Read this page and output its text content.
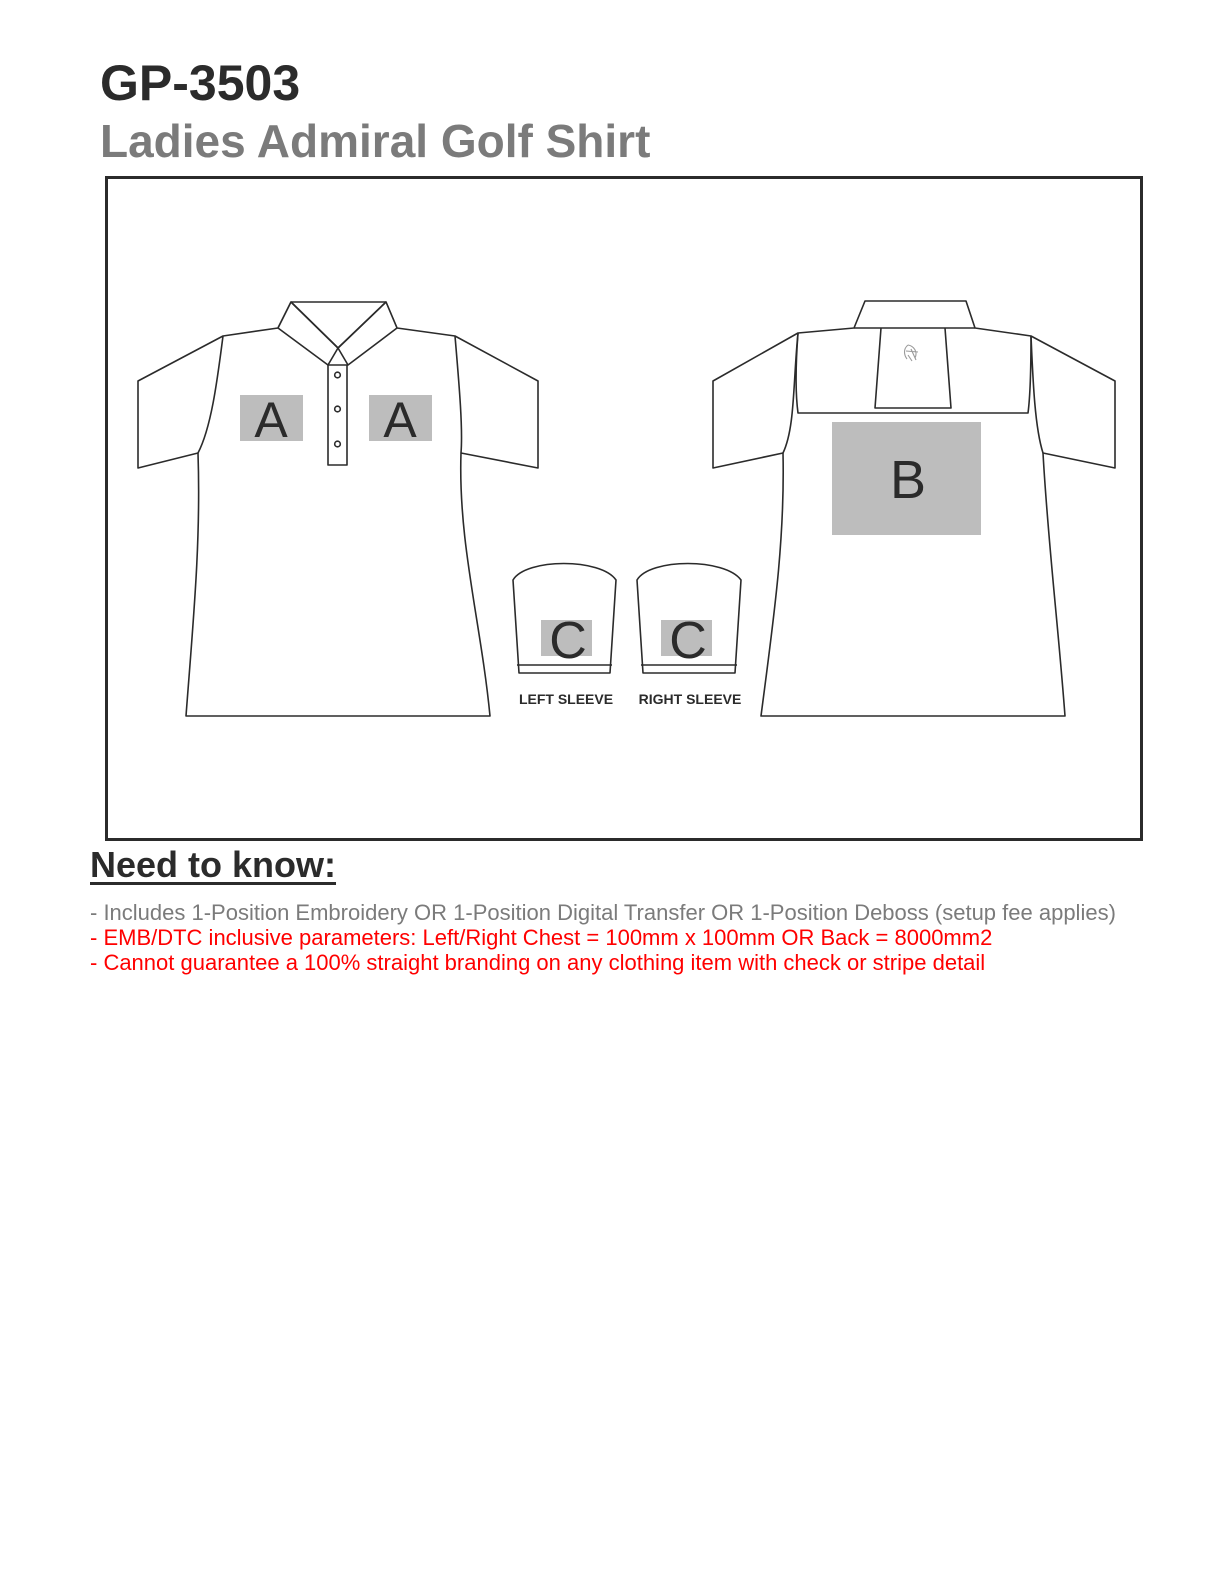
GP-3503
Ladies Admiral Golf Shirt
A A
B
C C
LEFT SLEEVE RIGHT SLEEVE
Need to know:
- Includes 1-Position Embroidery OR 1-Position Digital Transfer OR 1-Position Deboss (setup fee applies)
- EMB/DTC inclusive parameters: Left/Right Chest = 100mm x 100mm OR Back = 8000mm2
- Cannot guarantee a 100% straight branding on any clothing item with check or stripe detail
